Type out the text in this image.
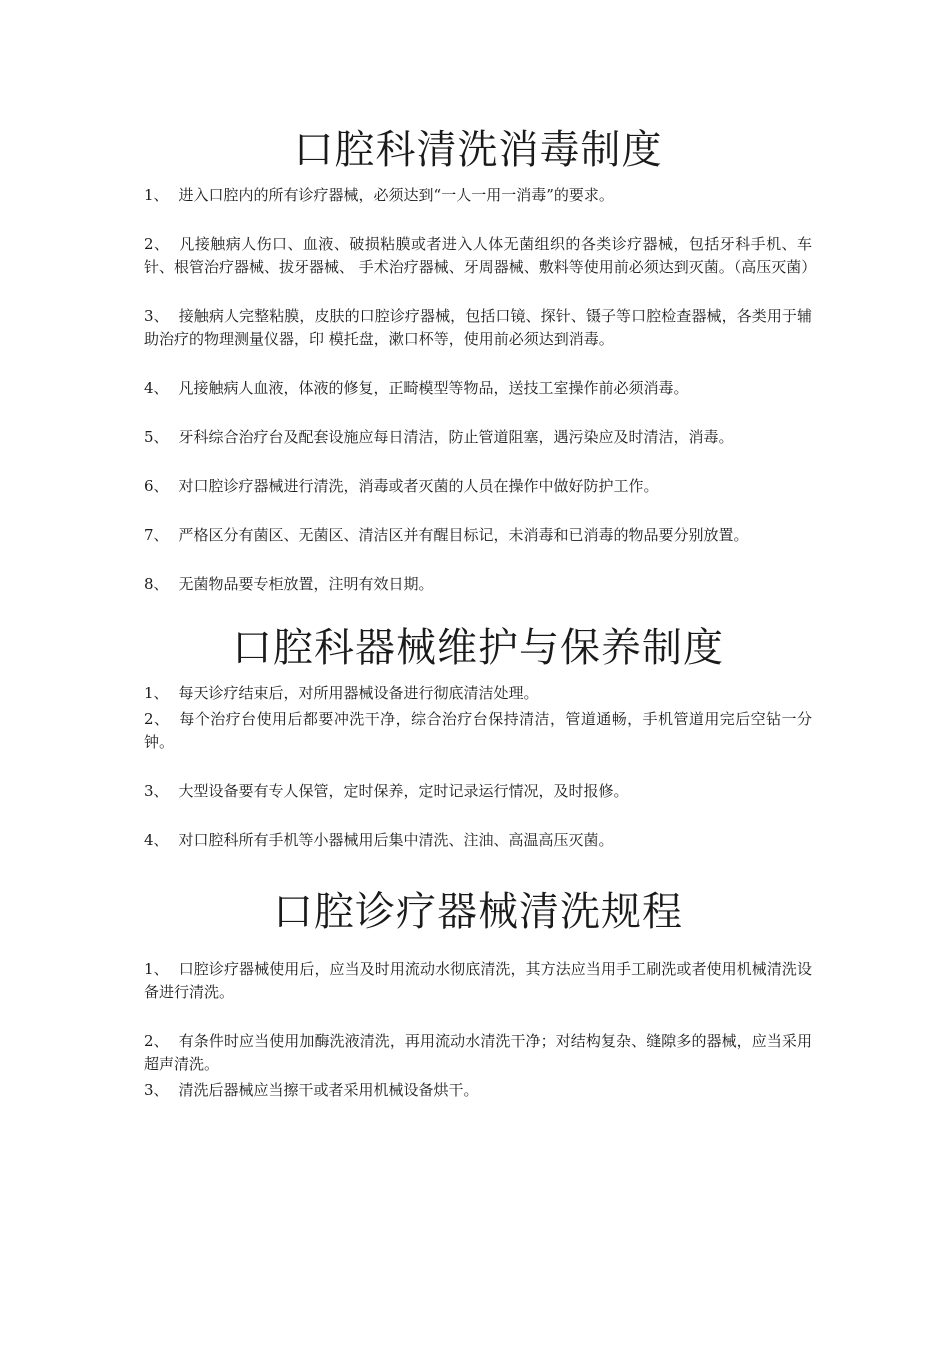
口腔科清洗消毒制度

1、 进入口腔内的所有诊疗器械，必须达到“一人一用一消毒”的要求。

2、 凡接触病人伤口、血液、破损粘膜或者进入人体无菌组织的各类诊疗器械，包括牙科手机、车针、根管治疗器械、拔牙器械、 手术治疗器械、牙周器械、敷料等使用前必须达到灭菌。（高压灭菌）

3、 接触病人完整粘膜，皮肤的口腔诊疗器械，包括口镜、探针、镊子等口腔检查器械，各类用于辅助治疗的物理测量仪器，印 模托盘，漱口杯等，使用前必须达到消毒。

4、 凡接触病人血液，体液的修复，正畸模型等物品，送技工室操作前必须消毒。

5、 牙科综合治疗台及配套设施应每日清洁，防止管道阻塞，遇污染应及时清洁，消毒。

6、 对口腔诊疗器械进行清洗，消毒或者灭菌的人员在操作中做好防护工作。

7、 严格区分有菌区、无菌区、清洁区并有醒目标记，未消毒和已消毒的物品要分别放置。

8、 无菌物品要专柜放置，注明有效日期。

口腔科器械维护与保养制度

1、 每天诊疗结束后，对所用器械设备进行彻底清洁处理。

2、 每个治疗台使用后都要冲洗干净，综合治疗台保持清洁，管道通畅，手机管道用完后空钻一分钟。

3、 大型设备要有专人保管，定时保养，定时记录运行情况，及时报修。

4、 对口腔科所有手机等小器械用后集中清洗、注油、高温高压灭菌。

口腔诊疗器械清洗规程

1、 口腔诊疗器械使用后，应当及时用流动水彻底清洗，其方法应当用手工刷洗或者使用机械清洗设备进行清洗。

2、 有条件时应当使用加酶洗液清洗，再用流动水清洗干净；对结构复杂、缝隙多的器械，应当采用超声清洗。

3、 清洗后器械应当擦干或者采用机械设备烘干。
